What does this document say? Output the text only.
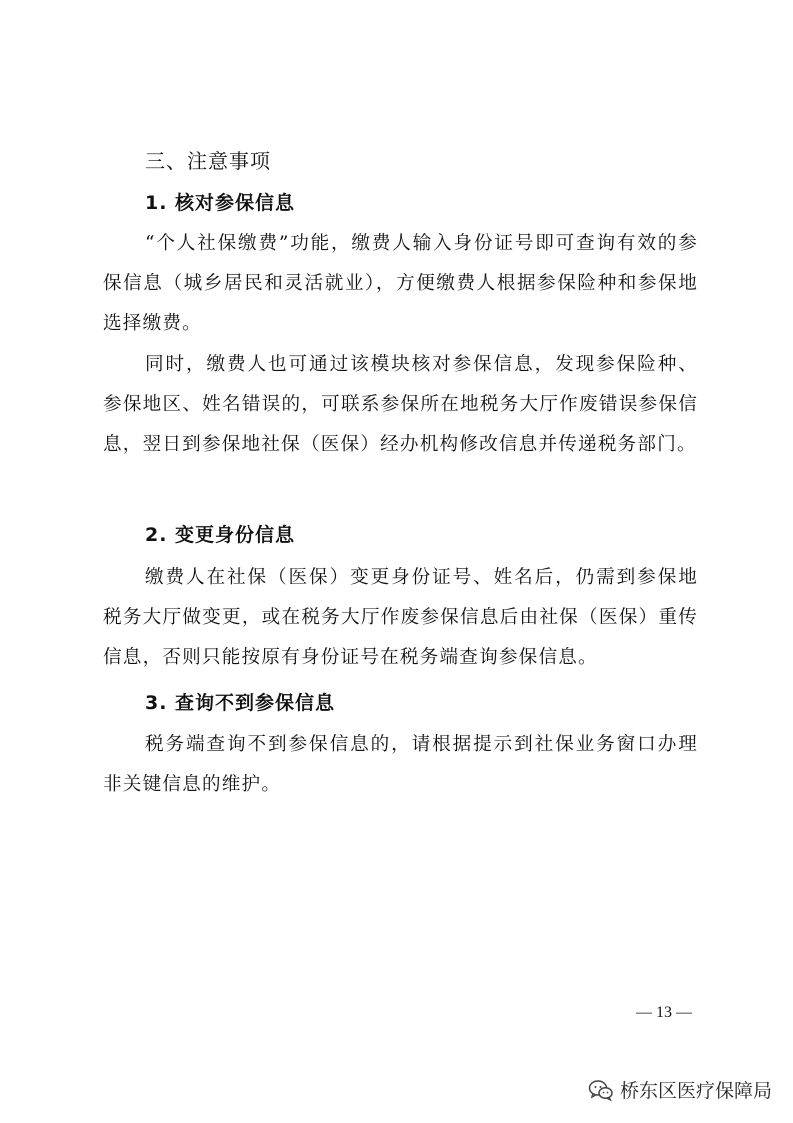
三、注意事项
1. 核对参保信息
“个人社保缴费”功能，缴费人输入身份证号即可查询有效的参保信息（城乡居民和灵活就业），方便缴费人根据参保险种和参保地选择缴费。
同时，缴费人也可通过该模块核对参保信息，发现参保险种、参保地区、姓名错误的，可联系参保所在地税务大厅作废错误参保信息，翌日到参保地社保（医保）经办机构修改信息并传递税务部门。
2. 变更身份信息
缴费人在社保（医保）变更身份证号、姓名后，仍需到参保地税务大厅做变更，或在税务大厅作废参保信息后由社保（医保）重传信息，否则只能按原有身份证号在税务端查询参保信息。
3. 查询不到参保信息
税务端查询不到参保信息的，请根据提示到社保业务窗口办理非关键信息的维护。
— 13 —
桥东区医疗保障局
